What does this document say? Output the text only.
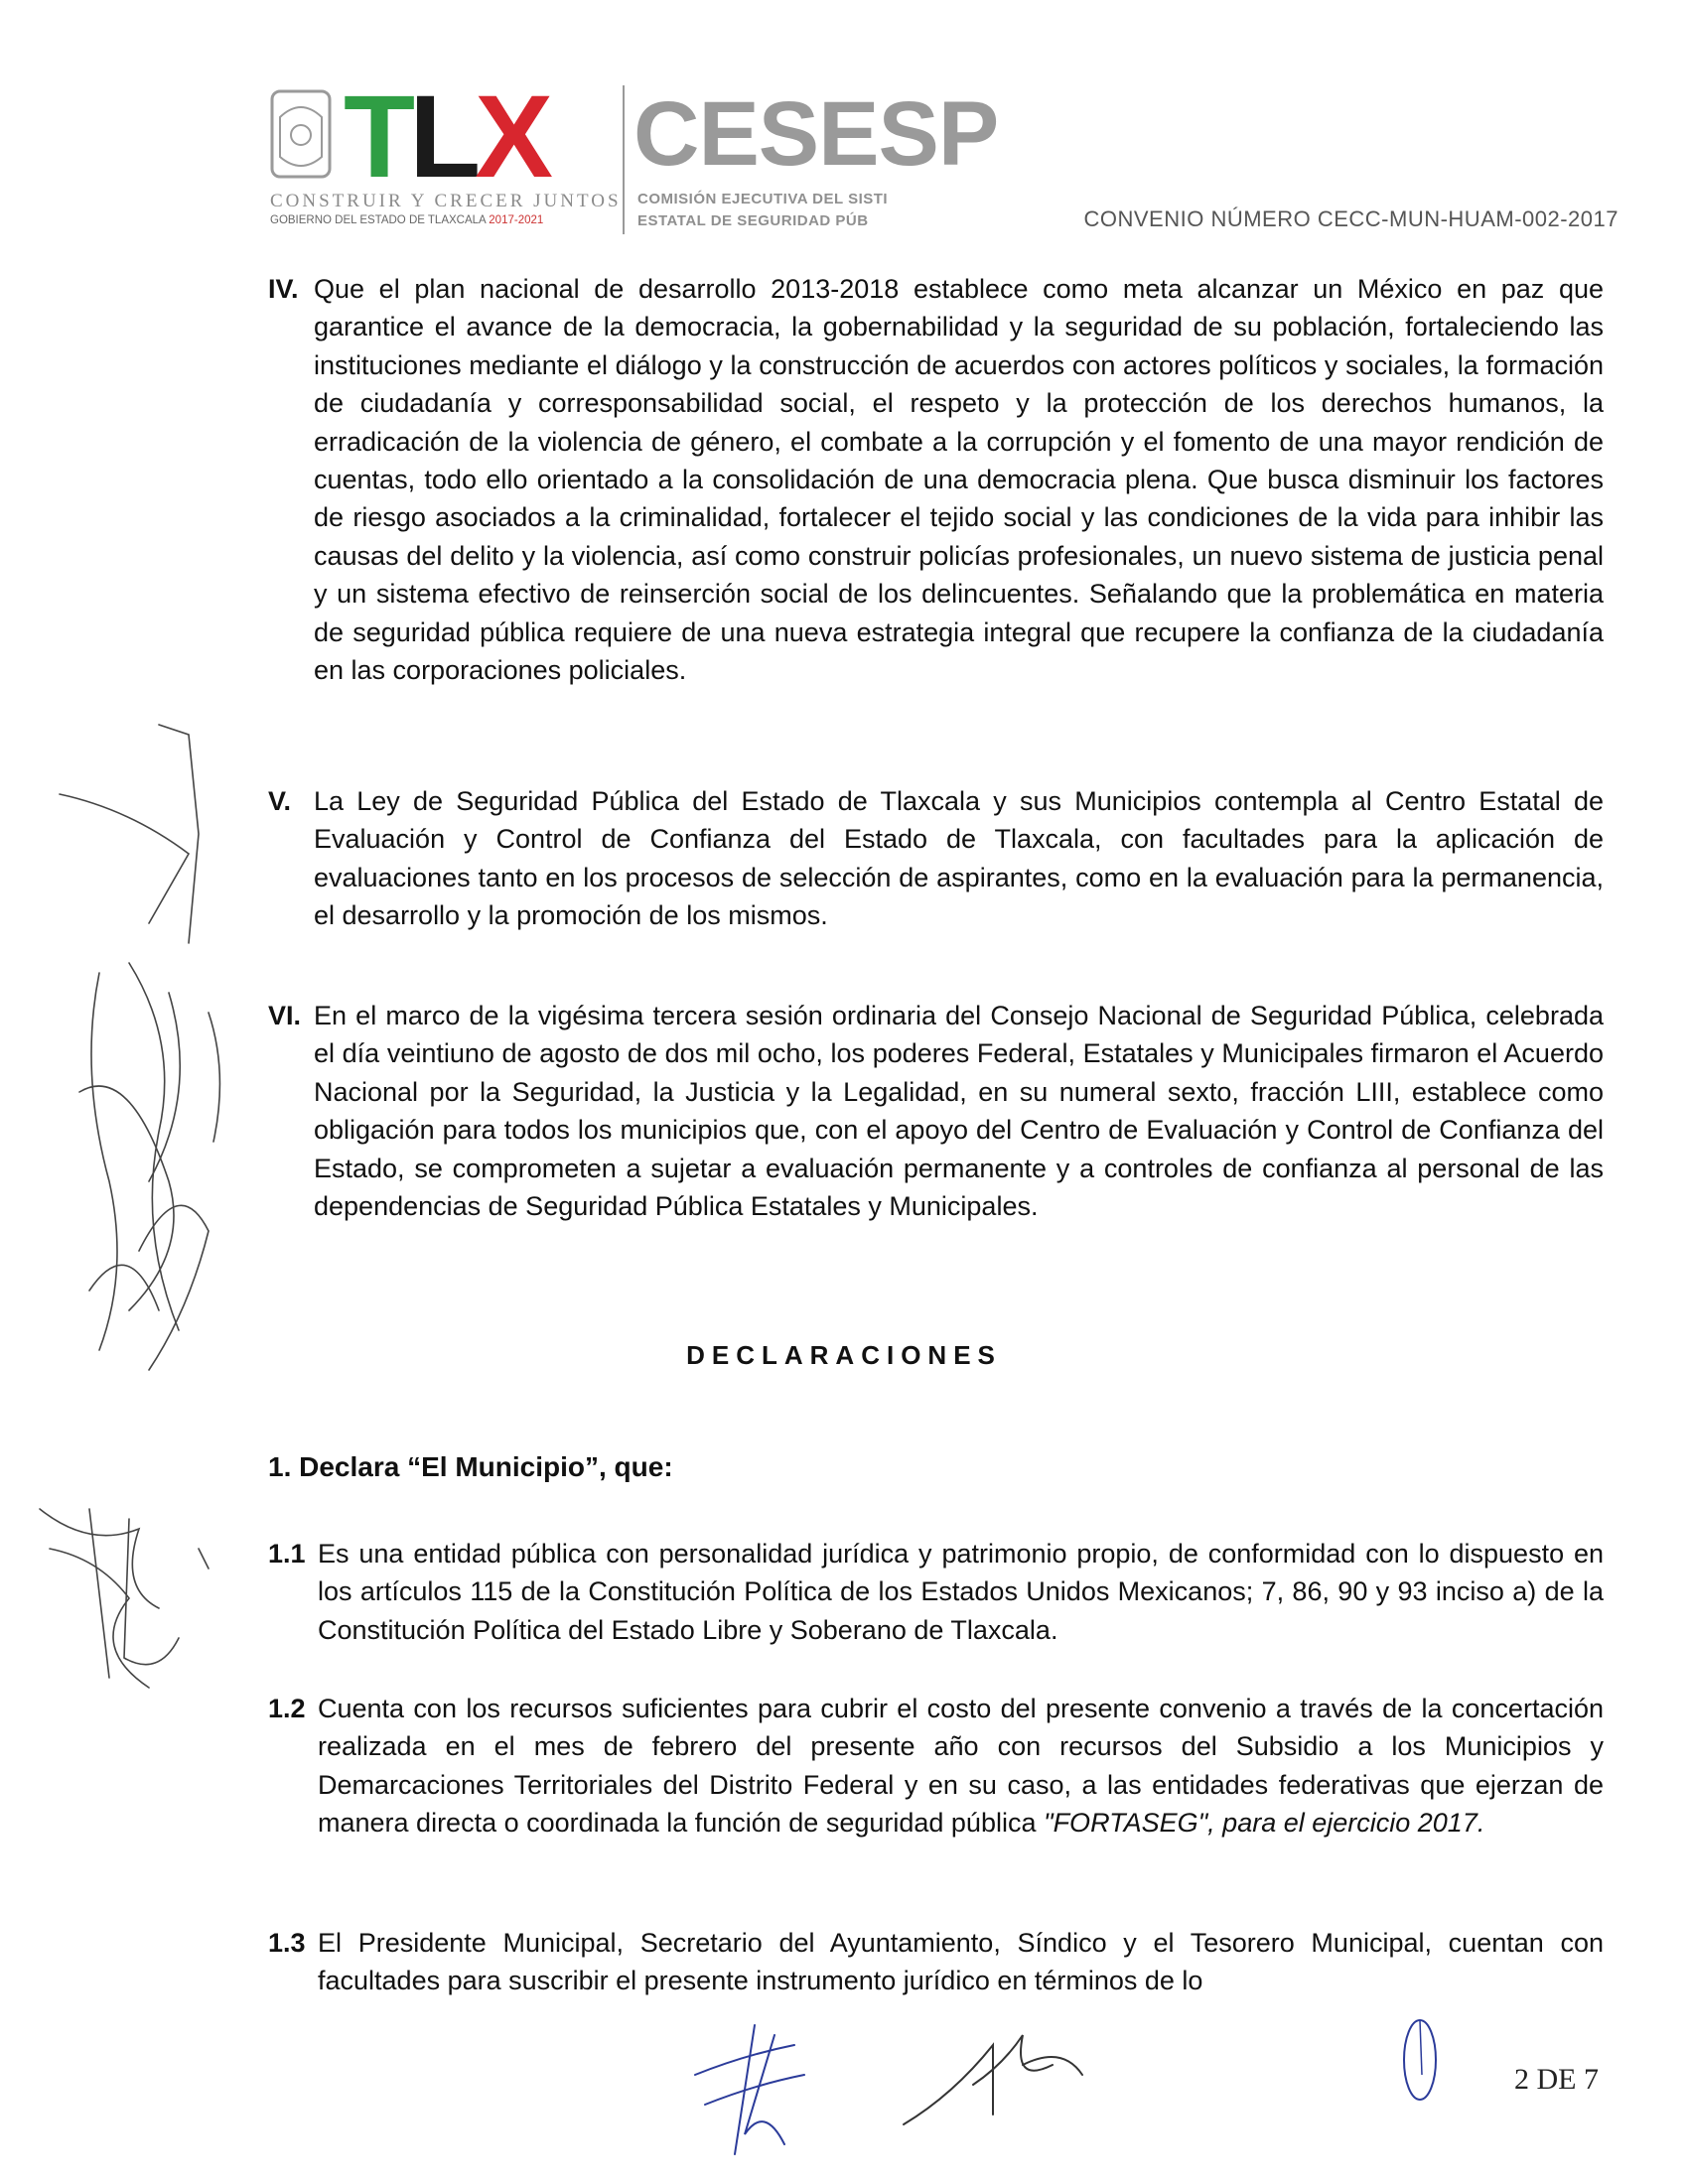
TLX
CONSTRUIR Y CRECER JUNTOS
GOBIERNO DEL ESTADO DE TLAXCALA 2017-2021
CESESP
COMISIÓN EJECUTIVA DEL SISTI
ESTATAL DE SEGURIDAD PÚB	CONVENIO NÚMERO CECC-MUN-HUAM-002-2017
IV. Que el plan nacional de desarrollo 2013-2018 establece como meta alcanzar un México en paz que garantice el avance de la democracia, la gobernabilidad y la seguridad de su población, fortaleciendo las instituciones mediante el diálogo y la construcción de acuerdos con actores políticos y sociales, la formación de ciudadanía y corresponsabilidad social, el respeto y la protección de los derechos humanos, la erradicación de la violencia de género, el combate a la corrupción y el fomento de una mayor rendición de cuentas, todo ello orientado a la consolidación de una democracia plena. Que busca disminuir los factores de riesgo asociados a la criminalidad, fortalecer el tejido social y las condiciones de la vida para inhibir las causas del delito y la violencia, así como construir policías profesionales, un nuevo sistema de justicia penal y un sistema efectivo de reinserción social de los delincuentes. Señalando que la problemática en materia de seguridad pública requiere de una nueva estrategia integral que recupere la confianza de la ciudadanía en las corporaciones policiales.
V. La Ley de Seguridad Pública del Estado de Tlaxcala y sus Municipios contempla al Centro Estatal de Evaluación y Control de Confianza del Estado de Tlaxcala, con facultades para la aplicación de evaluaciones tanto en los procesos de selección de aspirantes, como en la evaluación para la permanencia, el desarrollo y la promoción de los mismos.
VI. En el marco de la vigésima tercera sesión ordinaria del Consejo Nacional de Seguridad Pública, celebrada el día veintiuno de agosto de dos mil ocho, los poderes Federal, Estatales y Municipales firmaron el Acuerdo Nacional por la Seguridad, la Justicia y la Legalidad, en su numeral sexto, fracción LIII, establece como obligación para todos los municipios que, con el apoyo del Centro de Evaluación y Control de Confianza del Estado, se comprometen a sujetar a evaluación permanente y a controles de confianza al personal de las dependencias de Seguridad Pública Estatales y Municipales.
DECLARACIONES
1. Declara “El Municipio”, que:
1.1 Es una entidad pública con personalidad jurídica y patrimonio propio, de conformidad con lo dispuesto en los artículos 115 de la Constitución Política de los Estados Unidos Mexicanos; 7, 86, 90 y 93 inciso a) de la Constitución Política del Estado Libre y Soberano de Tlaxcala.
1.2 Cuenta con los recursos suficientes para cubrir el costo del presente convenio a través de la concertación realizada en el mes de febrero del presente año con recursos del Subsidio a los Municipios y Demarcaciones Territoriales del Distrito Federal y en su caso, a las entidades federativas que ejerzan de manera directa o coordinada la función de seguridad pública "FORTASEG", para el ejercicio 2017.
1.3 El Presidente Municipal, Secretario del Ayuntamiento, Síndico y el Tesorero Municipal, cuentan con facultades para suscribir el presente instrumento jurídico en términos de lo
2 DE 7
